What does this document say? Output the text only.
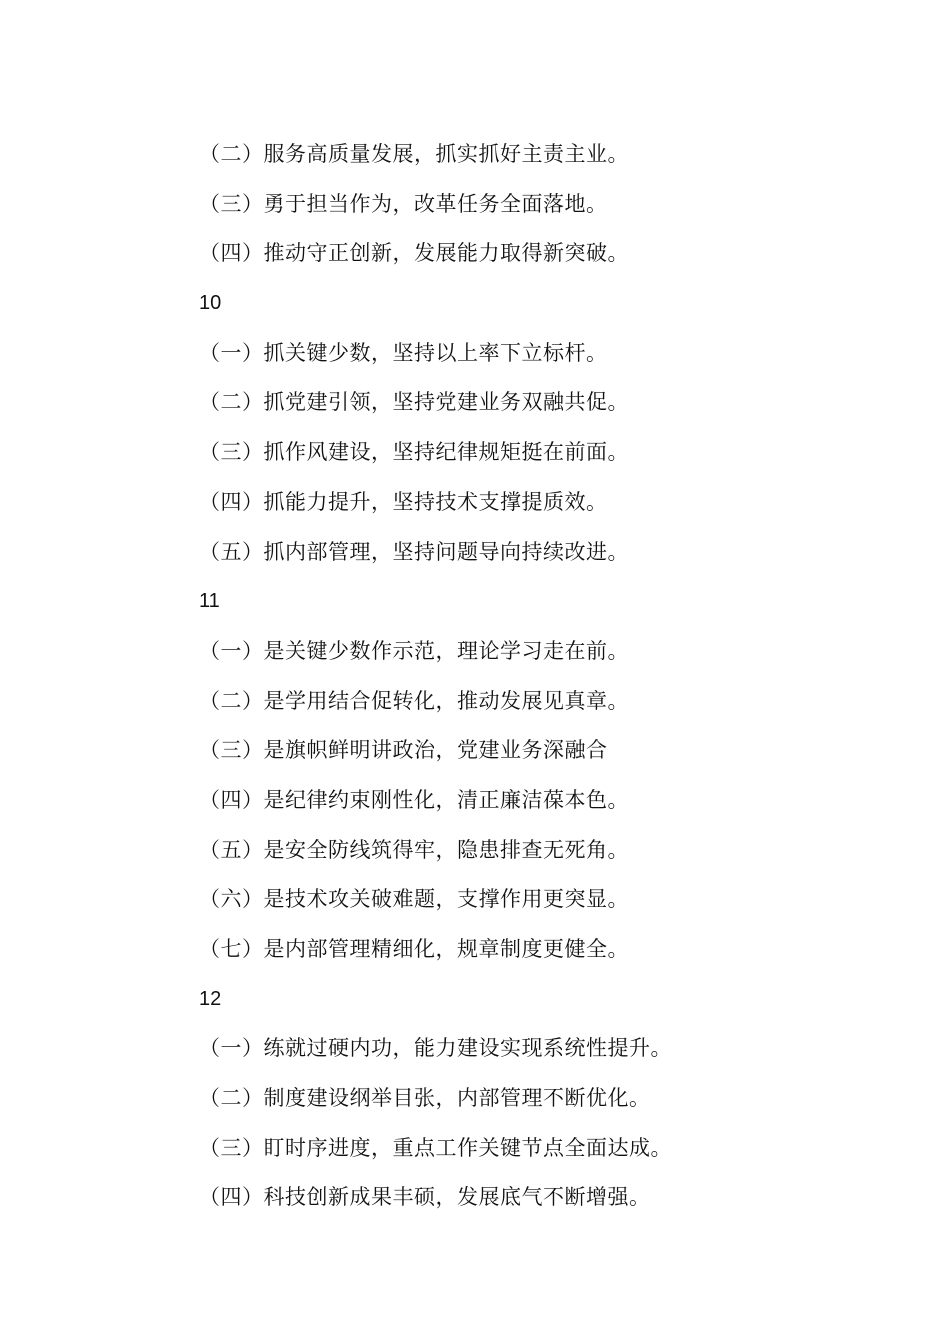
（二）服务高质量发展，抓实抓好主责主业。
（三）勇于担当作为，改革任务全面落地。
（四）推动守正创新，发展能力取得新突破。
10
（一）抓关键少数，坚持以上率下立标杆。
（二）抓党建引领，坚持党建业务双融共促。
（三）抓作风建设，坚持纪律规矩挺在前面。
（四）抓能力提升，坚持技术支撑提质效。
（五）抓内部管理，坚持问题导向持续改进。
11
（一）是关键少数作示范，理论学习走在前。
（二）是学用结合促转化，推动发展见真章。
（三）是旗帜鲜明讲政治，党建业务深融合
（四）是纪律约束刚性化，清正廉洁葆本色。
（五）是安全防线筑得牢，隐患排查无死角。
（六）是技术攻关破难题，支撑作用更突显。
（七）是内部管理精细化，规章制度更健全。
12
（一）练就过硬内功，能力建设实现系统性提升。
（二）制度建设纲举目张，内部管理不断优化。
（三）盯时序进度，重点工作关键节点全面达成。
（四）科技创新成果丰硕，发展底气不断增强。
